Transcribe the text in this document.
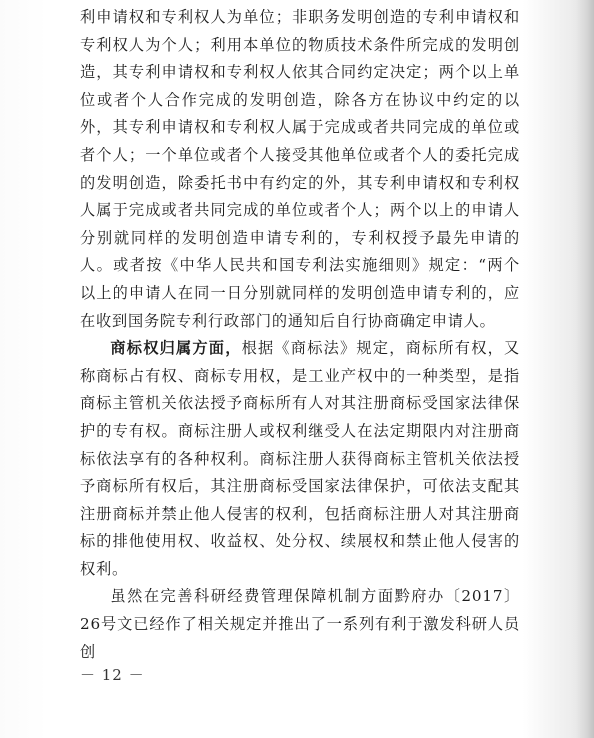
利申请权和专利权人为单位；非职务发明创造的专利申请权和专利权人为个人；利用本单位的物质技术条件所完成的发明创造，其专利申请权和专利权人依其合同约定决定；两个以上单位或者个人合作完成的发明创造，除各方在协议中约定的以外，其专利申请权和专利权人属于完成或者共同完成的单位或者个人；一个单位或者个人接受其他单位或者个人的委托完成的发明创造，除委托书中有约定的外，其专利申请权和专利权人属于完成或者共同完成的单位或者个人；两个以上的申请人分别就同样的发明创造申请专利的，专利权授予最先申请的人。或者按《中华人民共和国专利法实施细则》规定：“两个以上的申请人在同一日分别就同样的发明创造申请专利的，应在收到国务院专利行政部门的通知后自行协商确定申请人。

商标权归属方面，根据《商标法》规定，商标所有权，又称商标占有权、商标专用权，是工业产权中的一种类型，是指商标主管机关依法授予商标所有人对其注册商标受国家法律保护的专有权。商标注册人或权利继受人在法定期限内对注册商标依法享有的各种权利。商标注册人获得商标主管机关依法授予商标所有权后，其注册商标受国家法律保护，可依法支配其注册商标并禁止他人侵害的权利，包括商标注册人对其注册商标的排他使用权、收益权、处分权、续展权和禁止他人侵害的权利。

虽然在完善科研经费管理保障机制方面黔府办〔2017〕26号文已经作了相关规定并推出了一系列有利于激发科研人员创

－ 12 －
